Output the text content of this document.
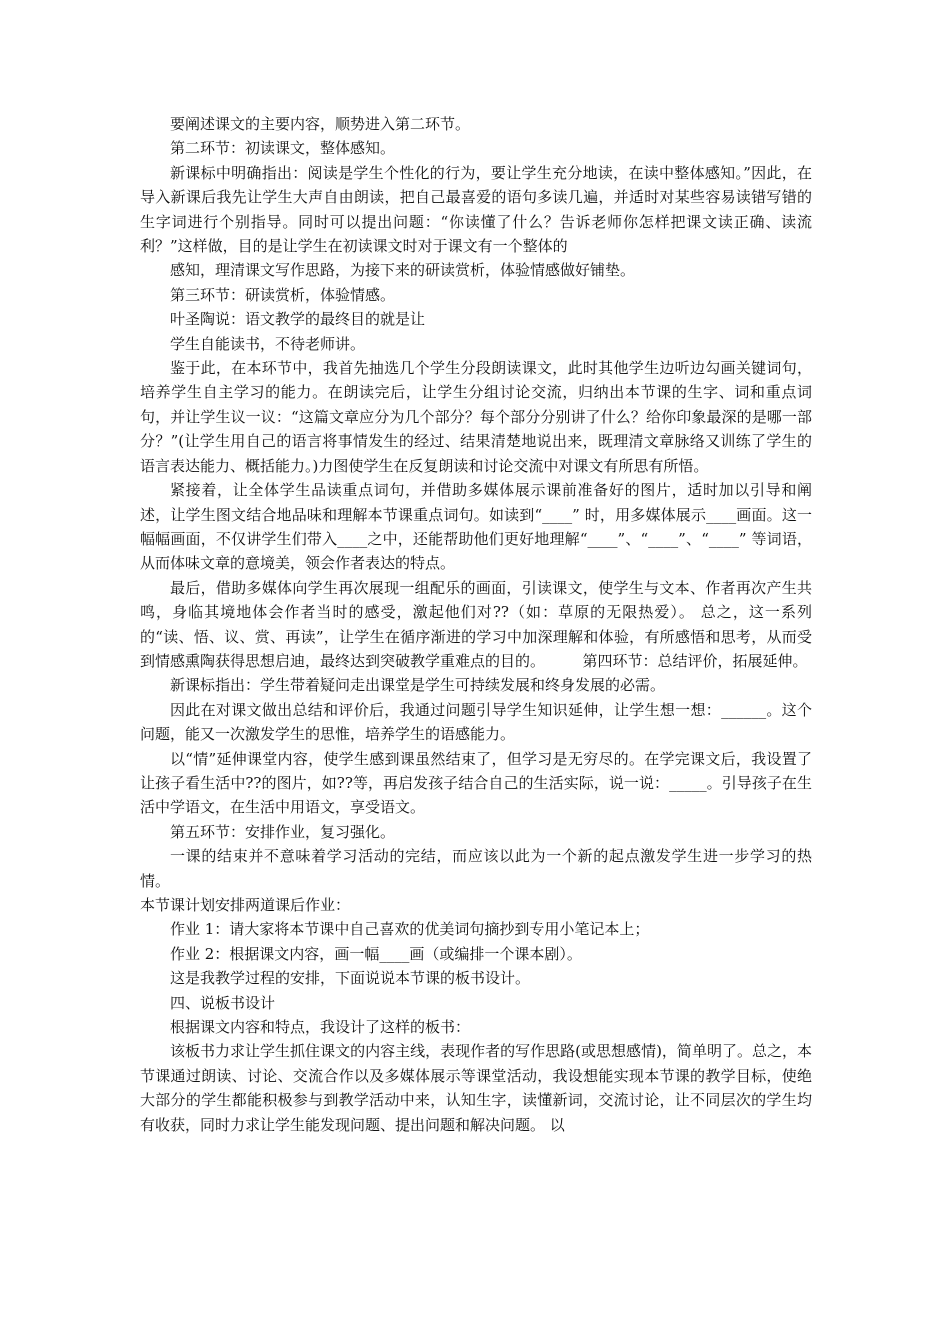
要阐述课文的主要内容，顺势进入第二环节。

第二环节：初读课文，整体感知。

新课标中明确指出：阅读是学生个性化的行为，要让学生充分地读，在读中整体感知。”因此，在导入新课后我先让学生大声自由朗读，把自己最喜爱的语句多读几遍，并适时对某些容易读错写错的生字词进行个别指导。同时可以提出问题：“你读懂了什么？告诉老师你怎样把课文读正确、读流利？”这样做，目的是让学生在初读课文时对于课文有一个整体的

感知，理清课文写作思路，为接下来的研读赏析，体验情感做好铺垫。

第三环节：研读赏析，体验情感。

叶圣陶说：语文教学的最终目的就是让

学生自能读书，不待老师讲。

鉴于此，在本环节中，我首先抽选几个学生分段朗读课文，此时其他学生边听边勾画关键词句，培养学生自主学习的能力。在朗读完后，让学生分组讨论交流，归纳出本节课的生字、词和重点词句，并让学生议一议：“这篇文章应分为几个部分？每个部分分别讲了什么？给你印象最深的是哪一部分？”(让学生用自己的语言将事情发生的经过、结果清楚地说出来，既理清文章脉络又训练了学生的语言表达能力、概括能力。)力图使学生在反复朗读和讨论交流中对课文有所思有所悟。

紧接着，让全体学生品读重点词句，并借助多媒体展示课前准备好的图片，适时加以引导和阐述，让学生图文结合地品味和理解本节课重点词句。如读到“____” 时，用多媒体展示____画面。这一幅幅画面，不仅讲学生们带入____之中，还能帮助他们更好地理解“____”、“____”、“____” 等词语，从而体味文章的意境美，领会作者表达的特点。

最后，借助多媒体向学生再次展现一组配乐的画面，引读课文，使学生与文本、作者再次产生共鸣，身临其境地体会作者当时的感受，激起他们对??（如：草原的无限热爱）。 总之，这一系列的“读、悟、议、赏、再读”，让学生在循序渐进的学习中加深理解和体验，有所感悟和思考，从而受到情感熏陶获得思想启迪，最终达到突破教学重难点的目的。　　　第四环节：总结评价，拓展延伸。

新课标指出：学生带着疑问走出课堂是学生可持续发展和终身发展的必需。

因此在对课文做出总结和评价后，我通过问题引导学生知识延伸，让学生想一想：______。这个问题，能又一次激发学生的思惟，培养学生的语感能力。

以“情”延伸课堂内容，使学生感到课虽然结束了，但学习是无穷尽的。在学完课文后，我设置了让孩子看生活中??的图片，如??等，再启发孩子结合自己的生活实际，说一说：_____。引导孩子在生活中学语文，在生活中用语文，享受语文。

第五环节：安排作业，复习强化。

一课的结束并不意味着学习活动的完结，而应该以此为一个新的起点激发学生进一步学习的热情。

本节课计划安排两道课后作业：

作业 1：请大家将本节课中自己喜欢的优美词句摘抄到专用小笔记本上；

作业 2：根据课文内容，画一幅____画（或编排一个课本剧）。

这是我教学过程的安排，下面说说本节课的板书设计。

四、说板书设计

根据课文内容和特点，我设计了这样的板书：

该板书力求让学生抓住课文的内容主线，表现作者的写作思路(或思想感情)，简单明了。总之，本节课通过朗读、讨论、交流合作以及多媒体展示等课堂活动，我设想能实现本节课的教学目标，使绝大部分的学生都能积极参与到教学活动中来，认知生字，读懂新词，交流讨论，让不同层次的学生均有收获，同时力求让学生能发现问题、提出问题和解决问题。 以
